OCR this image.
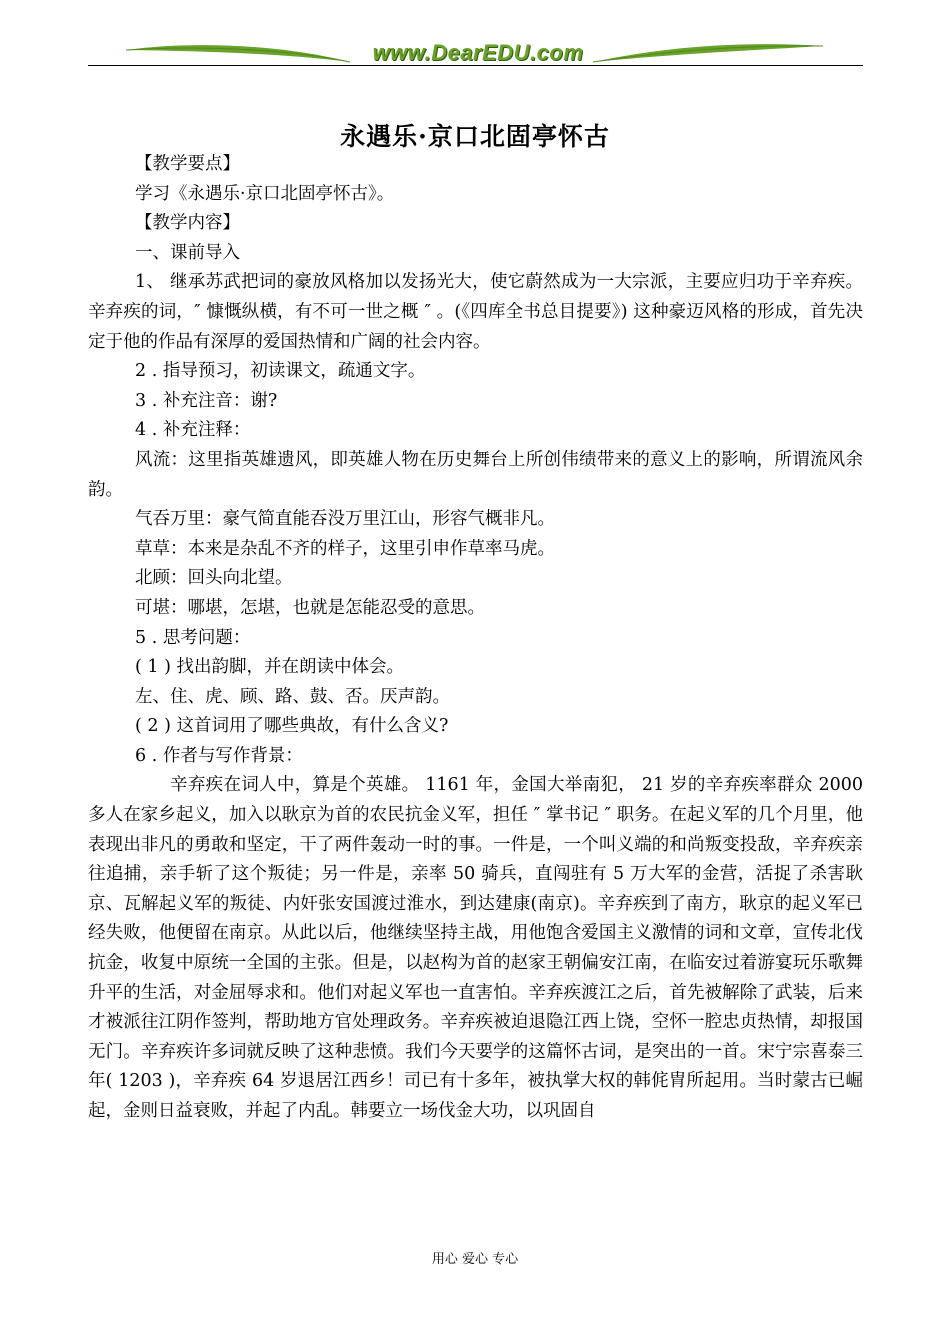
www.DearEDU.com
永遇乐·京口北固亭怀古

【教学要点】

学习《永遇乐·京口北固亭怀古》。

【教学内容】

一、课前导入

1、 继承苏武把词的豪放风格加以发扬光大，使它蔚然成为一大宗派，主要应归功于辛弃疾。辛弃疾的词，″ 慷慨纵横，有不可一世之概 ″ 。(《四库全书总目提要》) 这种豪迈风格的形成，首先决定于他的作品有深厚的爱国热情和广阔的社会内容。

2 . 指导预习，初读课文，疏通文字。

3 . 补充注音：谢?

4 . 补充注释：

风流：这里指英雄遗风，即英雄人物在历史舞台上所创伟绩带来的意义上的影响，所谓流风余韵。

气吞万里：豪气简直能吞没万里江山，形容气概非凡。

草草：本来是杂乱不齐的样子，这里引申作草率马虎。

北顾：回头向北望。

可堪：哪堪，怎堪，也就是怎能忍受的意思。

5 . 思考问题：

( 1 ) 找出韵脚，并在朗读中体会。

左、住、虎、顾、路、鼓、否。厌声韵。

( 2 ) 这首词用了哪些典故，有什么含义?

6 . 作者与写作背景：

辛弃疾在词人中，算是个英雄。 1161 年，金国大举南犯， 21 岁的辛弃疾率群众 2000 多人在家乡起义，加入以耿京为首的农民抗金义军，担任 ″ 掌书记 ″ 职务。在起义军的几个月里，他表现出非凡的勇敢和坚定，干了两件轰动一时的事。一件是，一个叫义端的和尚叛变投敌，辛弃疾亲往追捕，亲手斩了这个叛徒；另一件是，亲率 50 骑兵，直闯驻有 5 万大军的金营，活捉了杀害耿京、瓦解起义军的叛徒、内奸张安国渡过淮水，到达建康(南京)。辛弃疾到了南方，耿京的起义军已经失败，他便留在南京。从此以后，他继续坚持主战，用他饱含爱国主义激情的词和文章，宣传北伐抗金，收复中原统一全国的主张。但是，以赵构为首的赵家王朝偏安江南，在临安过着游宴玩乐歌舞升平的生活，对金屈辱求和。他们对起义军也一直害怕。辛弃疾渡江之后，首先被解除了武装，后来才被派往江阴作签判，帮助地方官处理政务。辛弃疾被迫退隐江西上饶，空怀一腔忠贞热情，却报国无门。辛弃疾许多词就反映了这种悲愤。我们今天要学的这篇怀古词，是突出的一首。宋宁宗喜泰三年( 1203 )，辛弃疾 64 岁退居江西乡！司已有十多年，被执掌大权的韩侂胄所起用。当时蒙古已崛起，金则日益衰败，并起了内乱。韩要立一场伐金大功，以巩固自

用心 爱心 专心
